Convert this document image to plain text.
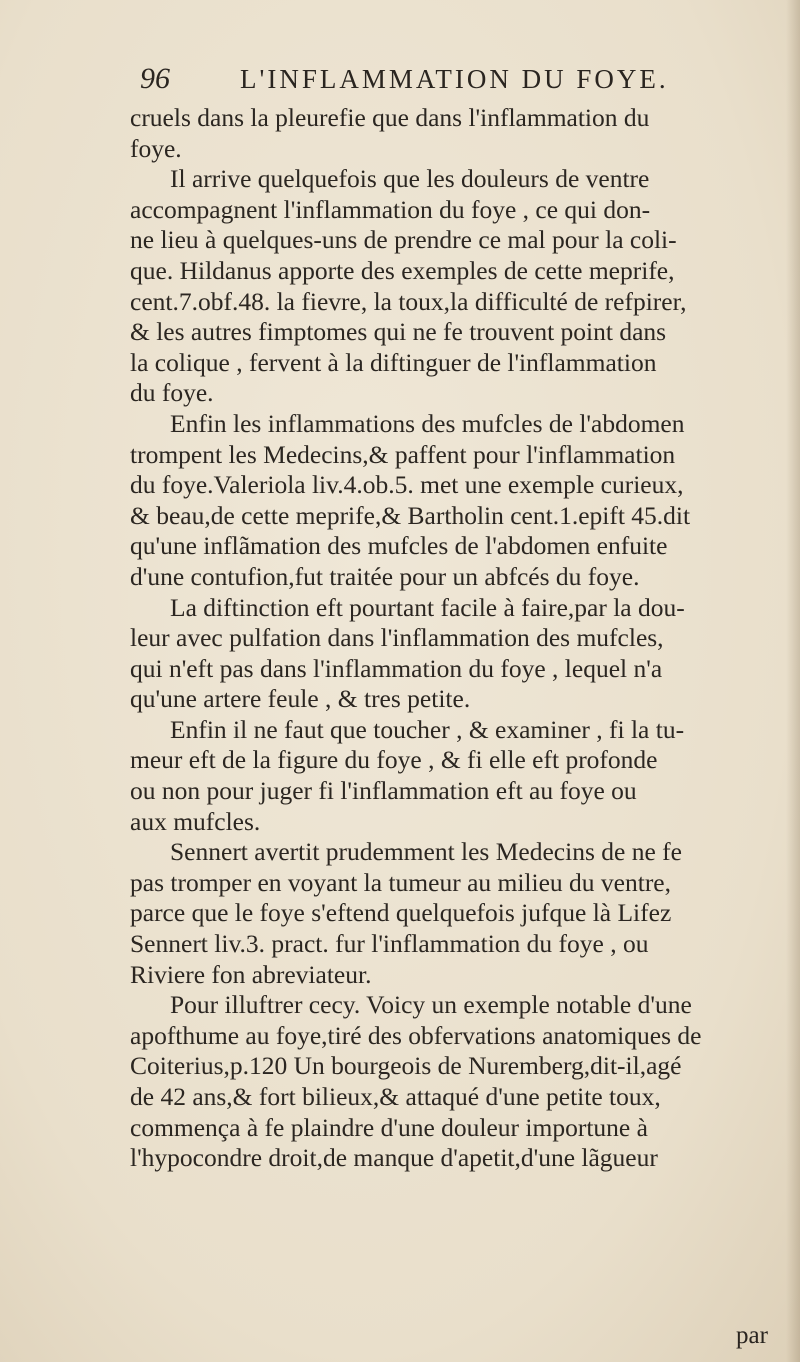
96	L'INFLAMMATION DU FOYE.
cruels dans la pleurefie que dans l'inflammation du
foye.
Il arrive quelquefois que les douleurs de ventre
accompagnent l'inflammation du foye , ce qui don-
ne lieu à quelques-uns de prendre ce mal pour la coli-
que. Hildanus apporte des exemples de cette meprife,
cent.7.obf.48. la fievre, la toux,la difficulté de refpirer,
& les autres fimptomes qui ne fe trouvent point dans
la colique , fervent à la diftinguer de l'inflammation
du foye.
Enfin les inflammations des mufcles de l'abdomen
trompent les Medecins,& paffent pour l'inflammation
du foye.Valeriola liv.4.ob.5. met une exemple curieux,
& beau,de cette meprife,& Bartholin cent.1.epift 45.dit
qu'une inflãmation des mufcles de l'abdomen enfuite
d'une contufion,fut traitée pour un abfcés du foye.
La diftinction eft pourtant facile à faire,par la dou-
leur avec pulfation dans l'inflammation des mufcles,
qui n'eft pas dans l'inflammation du foye , lequel n'a
qu'une artere feule , & tres petite.
Enfin il ne faut que toucher , & examiner , fi la tu-
meur eft de la figure du foye , & fi elle eft profonde
ou non pour juger fi l'inflammation eft au foye ou
aux mufcles.
Sennert avertit prudemment les Medecins de ne fe
pas tromper en voyant la tumeur au milieu du ventre,
parce que le foye s'eftend quelquefois jufque là Lifez
Sennert liv.3. pract. fur l'inflammation du foye , ou
Riviere fon abreviateur.
Pour illuftrer cecy. Voicy un exemple notable d'une
apofthume au foye,tiré des obfervations anatomiques de
Coiterius,p.120 Un bourgeois de Nuremberg,dit-il,agé
de 42 ans,& fort bilieux,& attaqué d'une petite toux,
commença à fe plaindre d'une douleur importune à
l'hypocondre droit,de manque d'apetit,d'une lãgueur
par
